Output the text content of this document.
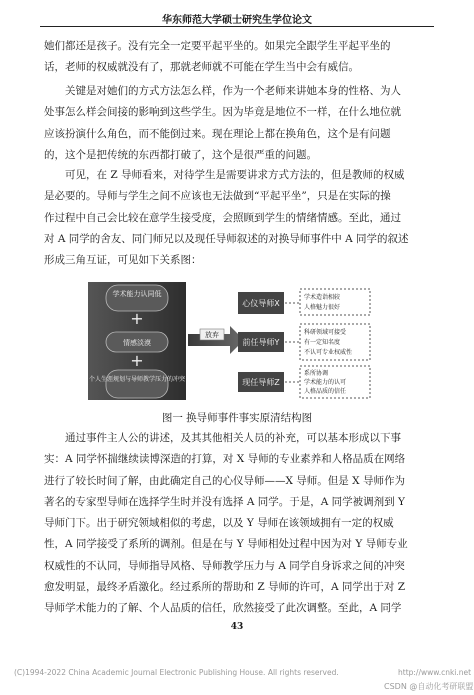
华东师范大学硕士研究生学位论文
她们都还是孩子。没有完全一定要平起平坐的。如果完全跟学生平起平坐的
话，老师的权威就没有了，那就老师就不可能在学生当中会有威信。
关键是对她们的方式方法怎么样，作为一个老师来讲她本身的性格、为人
处事怎么样会间接的影响到这些学生。因为毕竟是地位不一样，在什么地位就
应该扮演什么角色，而不能倒过来。现在理论上都在换角色，这个是有问题
的，这个是把传统的东西都打破了，这个是很严重的问题。
可见，在 Z 导师看来，对待学生是需要讲求方式方法的，但是教师的权威
是必要的。导师与学生之间不应该也无法做到“平起平坐”，只是在实际的操
作过程中自己会比较在意学生接受度，会照顾到学生的情绪情感。至此，通过
对 A 同学的舍友、同门师兄以及现任导师叙述的对换导师事件中 A 同学的叙述
形成三角互证，可见如下关系图：
学术能力认同低
+
情感淡漠
+
个人生涯规划与导师教学压力的冲突
放弃
心仪导师X
前任导师Y
现任导师Z
学术造诣相较
人格魅力很好
科研领域可接受
有一定知名度
不认可专业权威性
系所协调
学术能力的认可
人格品质的信任
图一 换导师事件事实原清结构图
通过事件主人公的讲述，及其其他相关人员的补充，可以基本形成以下事
实：A 同学怀揣继续读博深造的打算，对 X 导师的专业素养和人格品质在网络
进行了较长时间了解，由此确定自己的心仪导师——X 导师。但是 X 导师作为
著名的专家型导师在选择学生时并没有选择 A 同学。于是，A 同学被调剂到 Y
导师门下。出于研究领域相似的考虑，以及 Y 导师在该领域拥有一定的权威
性，A 同学接受了系所的调剂。但是在与 Y 导师相处过程中因为对 Y 导师专业
权威性的不认同，导师指导风格、导师教学压力与 A 同学自身诉求之间的冲突
愈发明显，最终矛盾激化。经过系所的帮助和 Z 导师的许可，A 同学出于对 Z
导师学术能力的了解、个人品质的信任，欣然接受了此次调整。至此，A 同学
43
(C)1994-2022 China Academic Journal Electronic Publishing House. All rights reserved.	http://www.cnki.net
CSDN @自动化考研联盟
